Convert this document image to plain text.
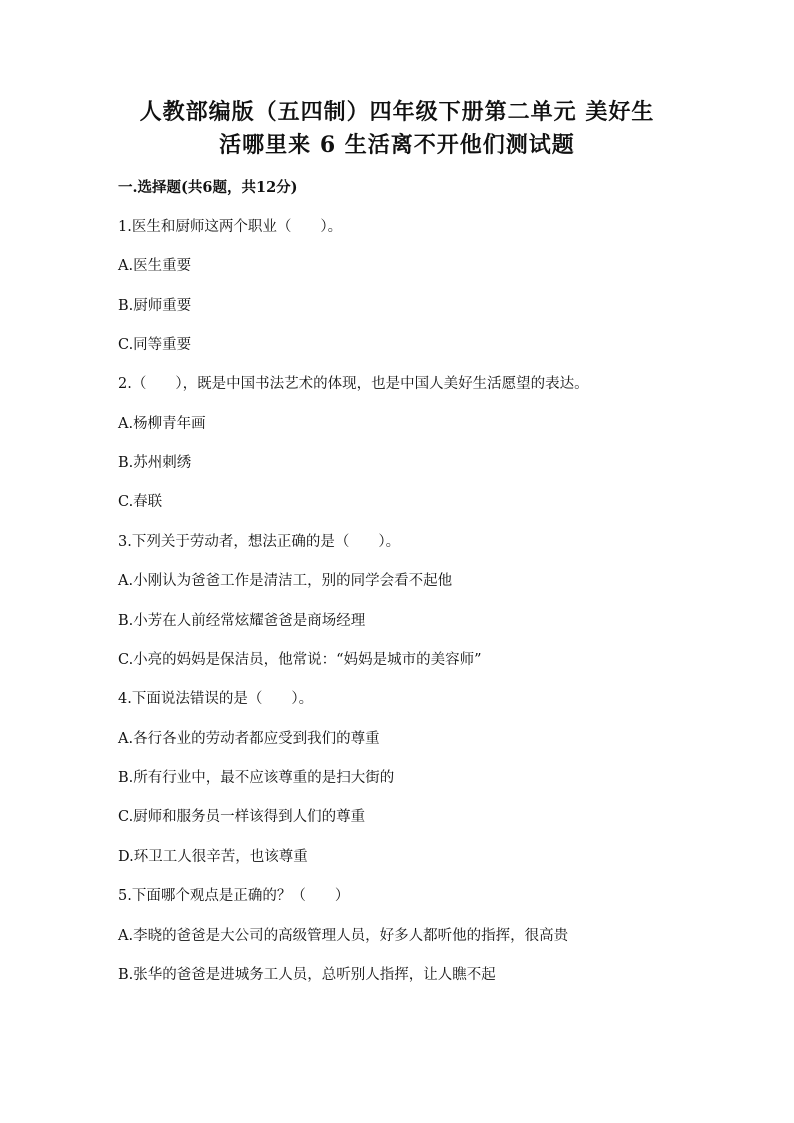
人教部编版（五四制）四年级下册第二单元 美好生
活哪里来 6 生活离不开他们测试题
一.选择题(共6题，共12分)
1.医生和厨师这两个职业（　　）。
A.医生重要
B.厨师重要
C.同等重要
2.（　　），既是中国书法艺术的体现，也是中国人美好生活愿望的表达。
A.杨柳青年画
B.苏州刺绣
C.春联
3.下列关于劳动者，想法正确的是（　　）。
A.小刚认为爸爸工作是清洁工，别的同学会看不起他
B.小芳在人前经常炫耀爸爸是商场经理
C.小亮的妈妈是保洁员，他常说：“妈妈是城市的美容师”
4.下面说法错误的是（　　）。
A.各行各业的劳动者都应受到我们的尊重
B.所有行业中，最不应该尊重的是扫大街的
C.厨师和服务员一样该得到人们的尊重
D.环卫工人很辛苦，也该尊重
5.下面哪个观点是正确的？（　　）
A.李晓的爸爸是大公司的高级管理人员，好多人都听他的指挥，很高贵
B.张华的爸爸是进城务工人员，总听别人指挥，让人瞧不起
